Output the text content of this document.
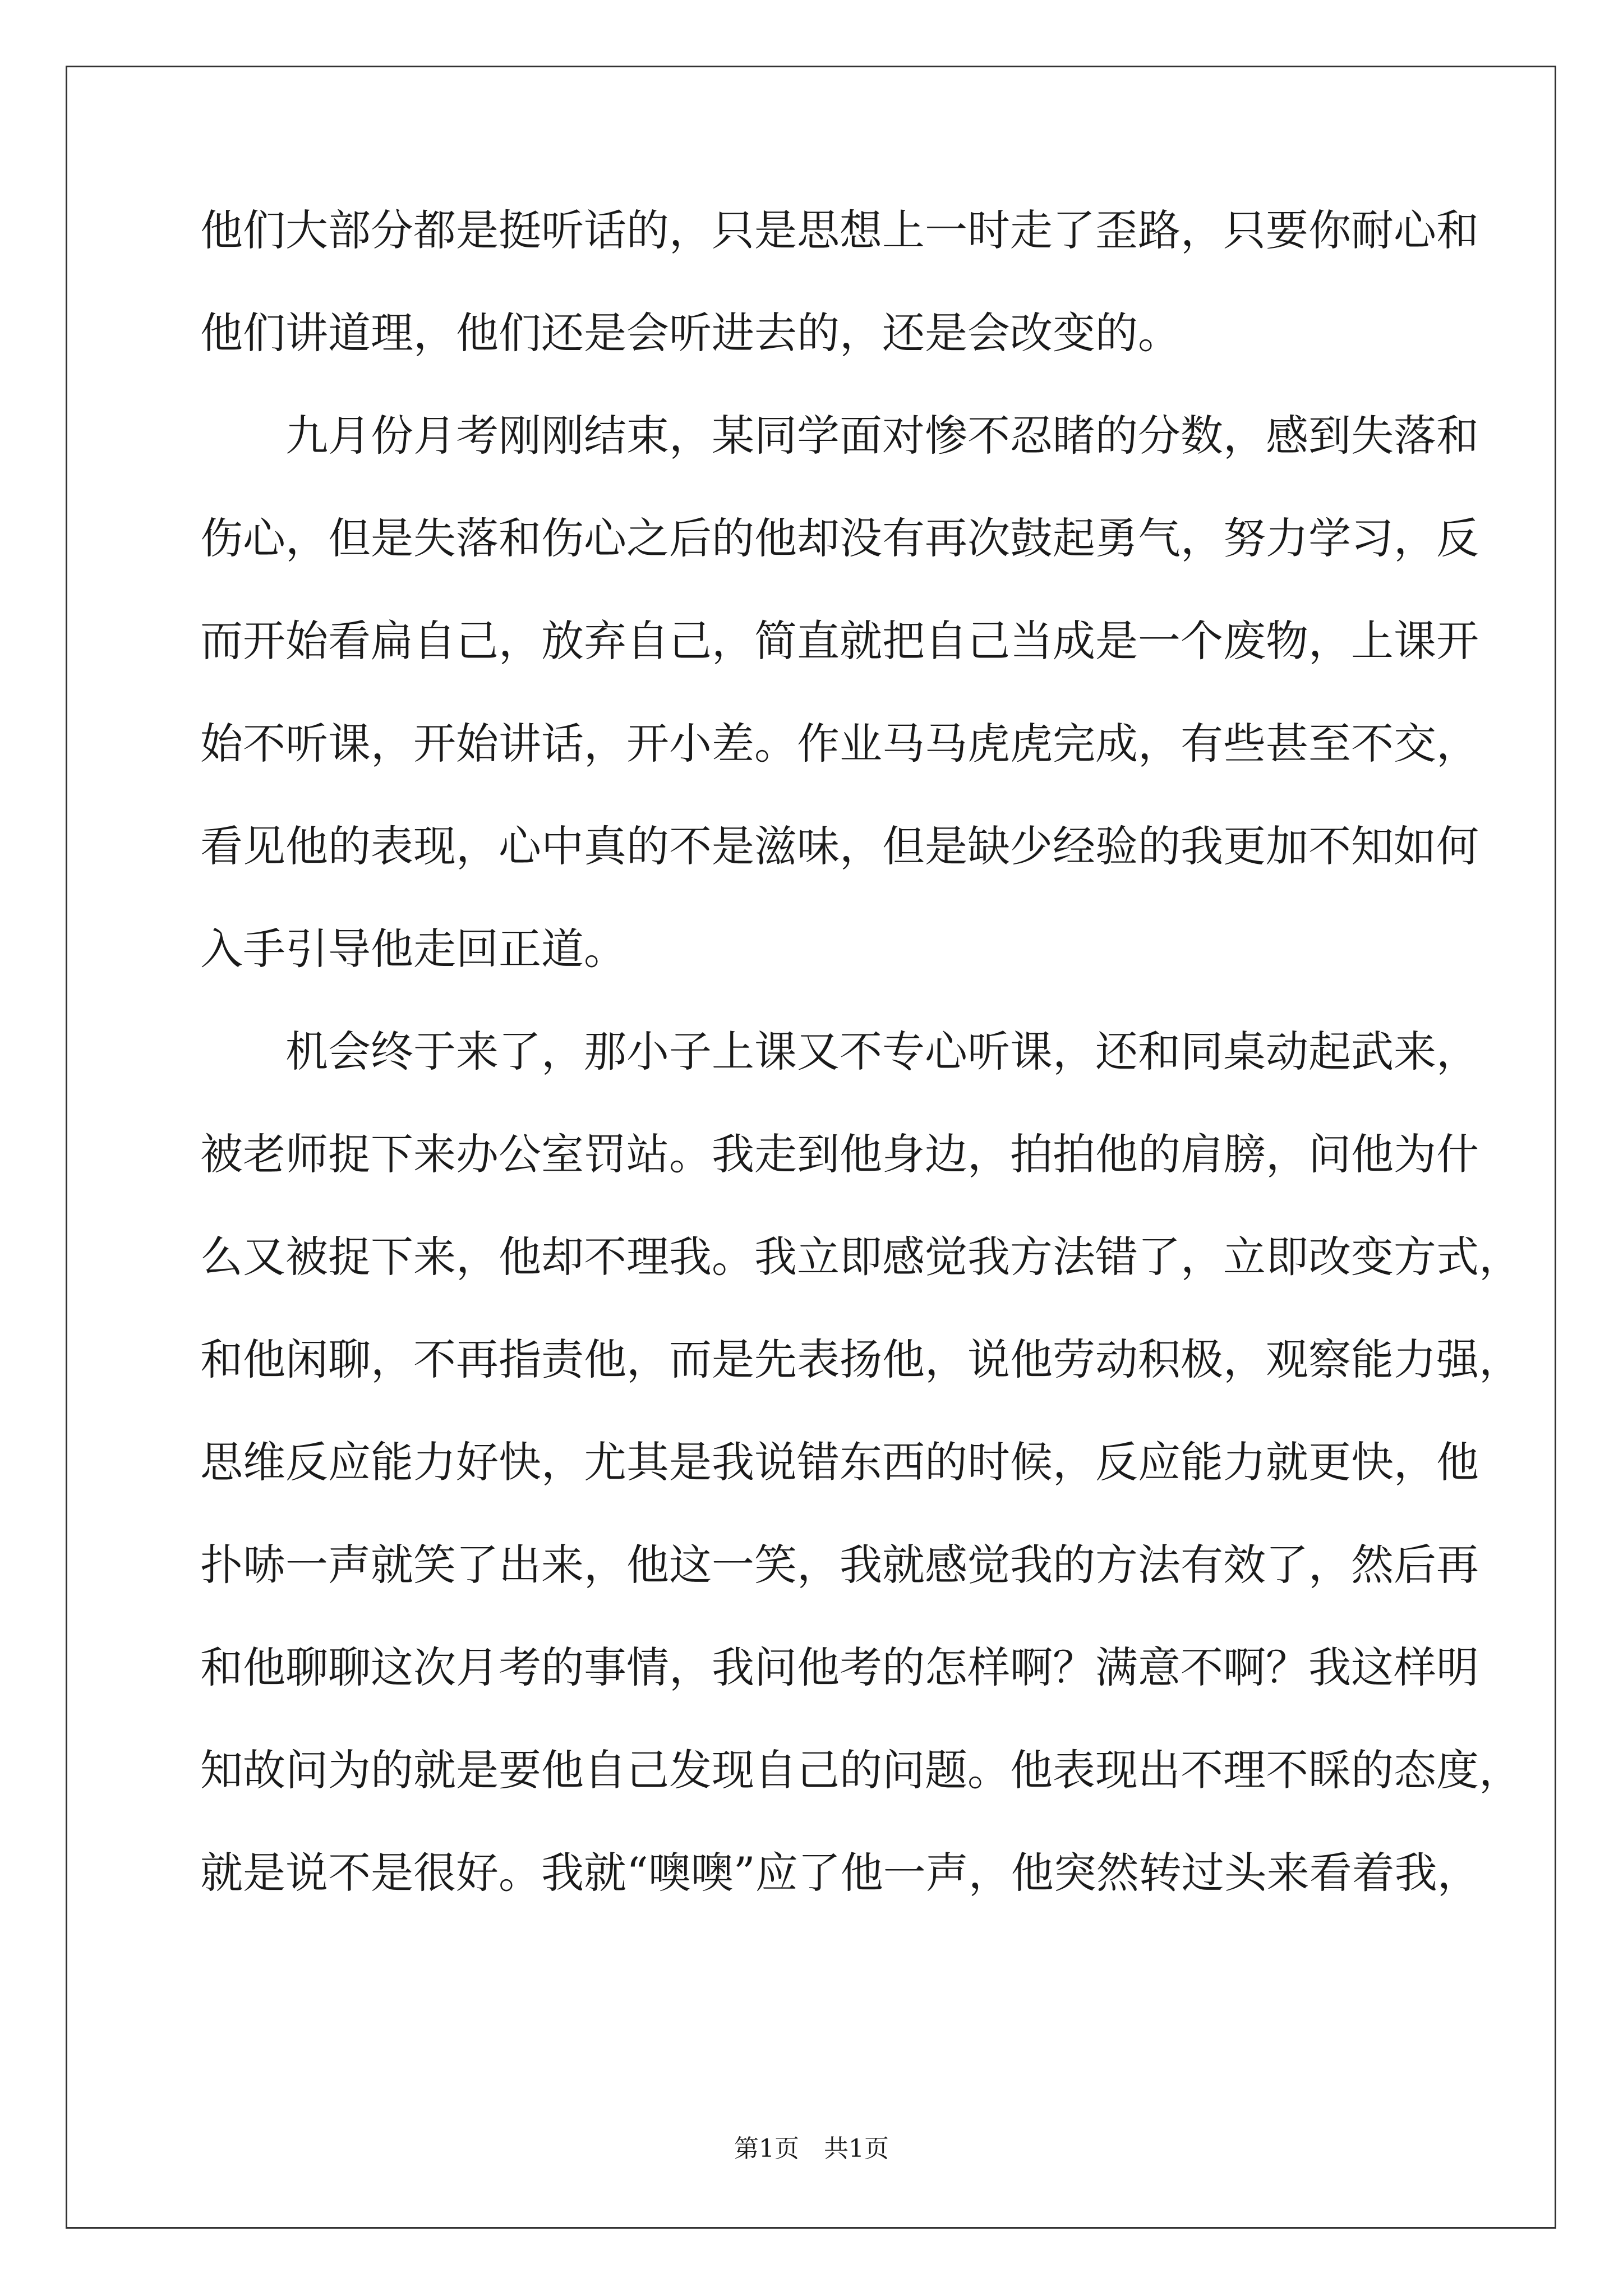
他们大部分都是挺听话的，只是思想上一时走了歪路，只要你耐心和
他们讲道理，他们还是会听进去的，还是会改变的。
　　九月份月考刚刚结束，某同学面对惨不忍睹的分数，感到失落和
伤心，但是失落和伤心之后的他却没有再次鼓起勇气，努力学习，反
而开始看扁自己，放弃自己，简直就把自己当成是一个废物，上课开
始不听课，开始讲话，开小差。作业马马虎虎完成，有些甚至不交，
看见他的表现，心中真的不是滋味，但是缺少经验的我更加不知如何
入手引导他走回正道。
　　机会终于来了，那小子上课又不专心听课，还和同桌动起武来，
被老师捉下来办公室罚站。我走到他身边，拍拍他的肩膀，问他为什
么又被捉下来，他却不理我。我立即感觉我方法错了，立即改变方式，
和他闲聊，不再指责他，而是先表扬他，说他劳动积极，观察能力强，
思维反应能力好快，尤其是我说错东西的时候，反应能力就更快，他
扑哧一声就笑了出来，他这一笑，我就感觉我的方法有效了，然后再
和他聊聊这次月考的事情，我问他考的怎样啊？满意不啊？我这样明
知故问为的就是要他自己发现自己的问题。他表现出不理不睬的态度，
就是说不是很好。我就“噢噢”应了他一声，他突然转过头来看着我，
第1页　共1页
